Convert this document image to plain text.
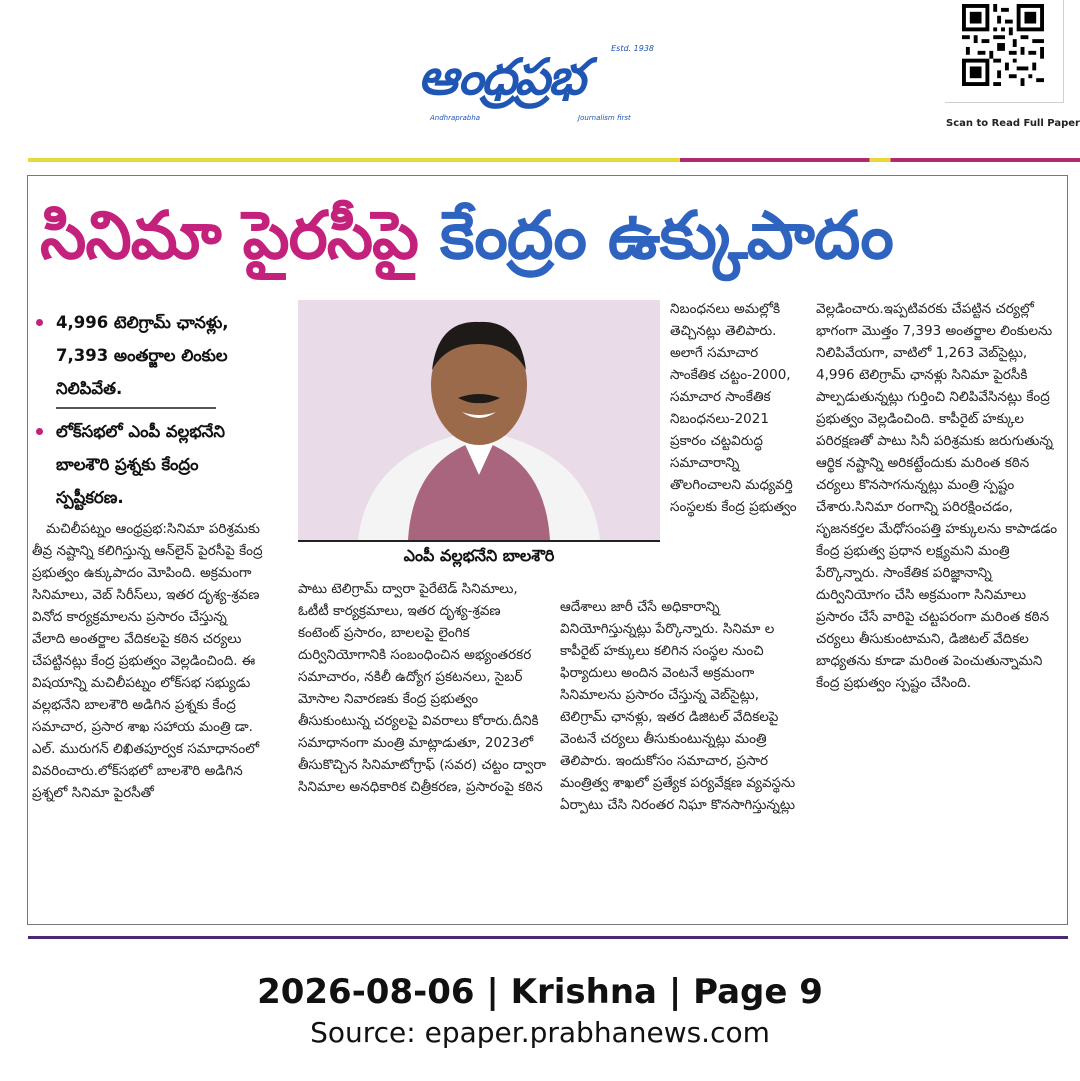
ఆంధ్రప్రభ	Estd. 1938
Andhraprabha	Journalism first	Scan to Read Full Paper
సినిమా పైరసీపై కేంద్రం ఉక్కుపాదం
4,996 టెలిగ్రామ్ ఛానళ్లు, 7,393 అంతర్జాల లింకుల నిలిపివేత.
లోక్‌సభలో ఎంపీ వల్లభనేని బాలశౌరి ప్రశ్నకు కేంద్రం స్పష్టీకరణ.

మచిలీపట్నం ఆంధ్రప్రభ:సినిమా పరిశ్రమకు తీవ్ర నష్టాన్ని కలిగిస్తున్న ఆన్‌లైన్ పైరసీపై కేంద్ర ప్రభుత్వం ఉక్కుపాదం మోపింది. అక్రమంగా సినిమాలు, వెబ్ సిరీస్‌లు, ఇతర దృశ్య-శ్రవణ వినోద కార్యక్రమాలను ప్రసారం చేస్తున్న వేలాది అంతర్జాల వేదికలపై కఠిన చర్యలు చేపట్టినట్లు కేంద్ర ప్రభుత్వం వెల్లడించింది. ఈ విషయాన్ని మచిలీపట్నం లోక్‌సభ సభ్యుడు వల్లభనేని బాలశౌరి అడిగిన ప్రశ్నకు కేంద్ర సమాచార, ప్రసార శాఖ సహాయ మంత్రి డా. ఎల్. మురుగన్ లిఖితపూర్వక సమాధానంలో వివరించారు.లోక్‌సభలో బాలశౌరి అడిగిన ప్రశ్నలో సినిమా పైరసీతో

ఎంపీ వల్లభనేని బాలశౌరి

పాటు టెలిగ్రామ్ ద్వారా పైరేటెడ్ సినిమాలు, ఓటీటీ కార్యక్రమాలు, ఇతర దృశ్య-శ్రవణ కంటెంట్ ప్రసారం, బాలలపై లైంగిక దుర్వినియోగానికి సంబంధించిన అభ్యంతరకర సమాచారం, నకిలీ ఉద్యోగ ప్రకటనలు, సైబర్ మోసాల నివారణకు కేంద్ర ప్రభుత్వం తీసుకుంటున్న చర్యలపై వివరాలు కోరారు.దీనికి సమాధానంగా మంత్రి మాట్లాడుతూ, 2023లో తీసుకొచ్చిన సినిమాటోగ్రాఫ్ (సవర) చట్టం ద్వారా సినిమాల అనధికారిక చిత్రీకరణ, ప్రసారంపై కఠిన

నిబంధనలు అమల్లోకి తెచ్చినట్లు తెలిపారు. అలాగే సమాచార సాంకేతిక చట్టం-2000, సమాచార సాంకేతిక నిబంధనలు-2021 ప్రకారం చట్టవిరుద్ధ సమాచారాన్ని తొలగించాలని మధ్యవర్తి సంస్థలకు కేంద్ర ప్రభుత్వం

ఆదేశాలు జారీ చేసే అధికారాన్ని వినియోగిస్తున్నట్లు పేర్కొన్నారు. సినిమా ల కాపీరైట్ హక్కులు కలిగిన సంస్థల నుంచి ఫిర్యాదులు అందిన వెంటనే అక్రమంగా సినిమాలను ప్రసారం చేస్తున్న వెబ్‌సైట్లు, టెలిగ్రామ్ ఛానళ్లు, ఇతర డిజిటల్ వేదికలపై వెంటనే చర్యలు తీసుకుంటున్నట్లు మంత్రి తెలిపారు. ఇందుకోసం సమాచార, ప్రసార మంత్రిత్వ శాఖలో ప్రత్యేక పర్యవేక్షణ వ్యవస్థను ఏర్పాటు చేసి నిరంతర నిఘా కొనసాగిస్తున్నట్లు

వెల్లడించారు.ఇప్పటివరకు చేపట్టిన చర్యల్లో భాగంగా మొత్తం 7,393 అంతర్జాల లింకులను నిలిపివేయగా, వాటిలో 1,263 వెబ్‌సైట్లు, 4,996 టెలిగ్రామ్ ఛానళ్లు సినిమా పైరసీకి పాల్పడుతున్నట్లు గుర్తించి నిలిపివేసినట్లు కేంద్ర ప్రభుత్వం వెల్లడించింది. కాపీరైట్ హక్కుల పరిరక్షణతో పాటు సినీ పరిశ్రమకు జరుగుతున్న ఆర్థిక నష్టాన్ని అరికట్టేందుకు మరింత కఠిన చర్యలు కొనసాగనున్నట్లు మంత్రి స్పష్టం చేశారు.సినిమా రంగాన్ని పరిరక్షించడం, సృజనకర్తల మేధోసంపత్తి హక్కులను కాపాడడం కేంద్ర ప్రభుత్వ ప్రధాన లక్ష్యమని మంత్రి పేర్కొన్నారు. సాంకేతిక పరిజ్ఞానాన్ని దుర్వినియోగం చేసి అక్రమంగా సినిమాలు ప్రసారం చేసే వారిపై చట్టపరంగా మరింత కఠిన చర్యలు తీసుకుంటామని, డిజిటల్ వేదికల బాధ్యతను కూడా మరింత పెంచుతున్నామని కేంద్ర ప్రభుత్వం స్పష్టం చేసింది.

2026-08-06 | Krishna | Page 9
Source: epaper.prabhanews.com
